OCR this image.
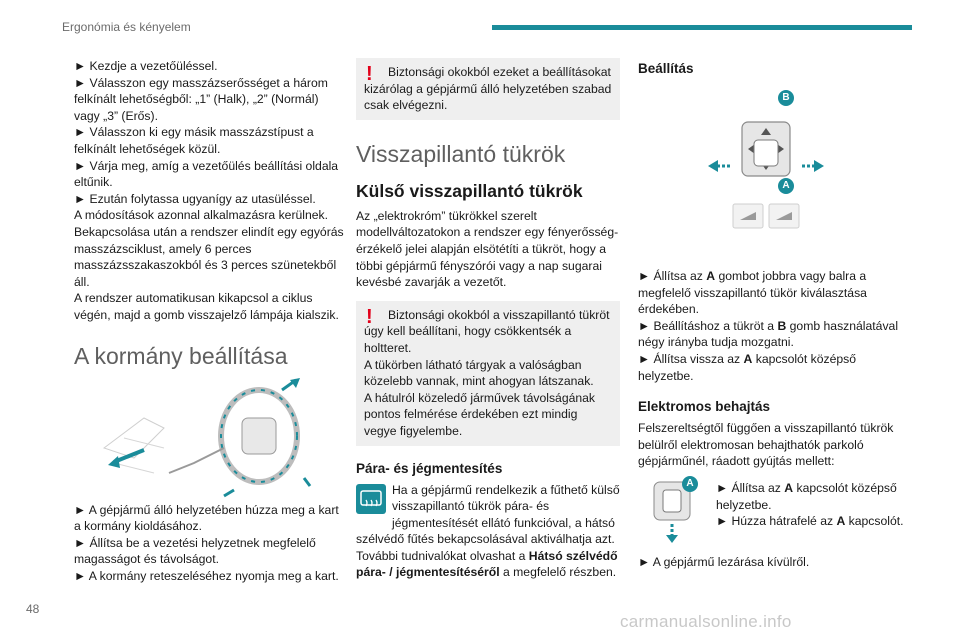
Ergonómia és kényelem
► Kezdje a vezetőüléssel.
► Válasszon egy masszázserősséget a három felkínált lehetőségből: „1” (Halk), „2” (Normál) vagy „3” (Erős).
► Válasszon ki egy másik masszázstípust a felkínált lehetőségek közül.
► Várja meg, amíg a vezetőülés beállítási oldala eltűnik.
► Ezután folytassa ugyanígy az utasüléssel.
A módosítások azonnal alkalmazásra kerülnek.
Bekapcsolása után a rendszer elindít egy egyórás masszázsciklust, amely 6 perces masszázsszakaszokból és 3 perces szünetekből áll.
A rendszer automatikusan kikapcsol a ciklus végén, majd a gomb visszajelző lámpája kialszik.
A kormány beállítása
► A gépjármű álló helyzetében húzza meg a kart a kormány kioldásához.
► Állítsa be a vezetési helyzetnek megfelelő magasságot és távolságot.
► A kormány reteszeléséhez nyomja meg a kart.
!	Biztonsági okokból ezeket a beállításokat kizárólag a gépjármű álló helyzetében szabad csak elvégezni.
Visszapillantó tükrök
Külső visszapillantó tükrök
Az „elektrokróm” tükrökkel szerelt modellváltozatokon a rendszer egy fényerősség-érzékelő jelei alapján elsötétíti a tükröt, hogy a többi gépjármű fényszórói vagy a nap sugarai kevésbé zavarják a vezetőt.
!	Biztonsági okokból a visszapillantó tükröt úgy kell beállítani, hogy csökkentsék a holtteret.
A tükörben látható tárgyak a valóságban közelebb vannak, mint ahogyan látszanak.
A hátulról közeledő járművek távolságának pontos felmérése érdekében ezt mindig vegye figyelembe.
Pára- és jégmentesítés
Ha a gépjármű rendelkezik a fűthető külső visszapillantó tükrök pára- és jégmentesítését ellátó funkcióval, a hátsó szélvédő fűtés bekapcsolásával aktiválhatja azt. További tudnivalókat olvashat a Hátsó szélvédő pára- / jégmentesítéséről a megfelelő részben.
Beállítás
B
A
► Állítsa az A gombot jobbra vagy balra a megfelelő visszapillantó tükör kiválasztása érdekében.
► Beállításhoz a tükröt a B gomb használatával négy irányba tudja mozgatni.
► Állítsa vissza az A kapcsolót középső helyzetbe.
Elektromos behajtás
Felszereltségtől függően a visszapillantó tükrök belülről elektromosan behajthatók parkoló gépjárműnél, ráadott gyújtás mellett:
A	► Állítsa az A kapcsolót középső helyzetbe.
► Húzza hátrafelé az A kapcsolót.
► A gépjármű lezárása kívülről.
48
carmanualsonline.info
